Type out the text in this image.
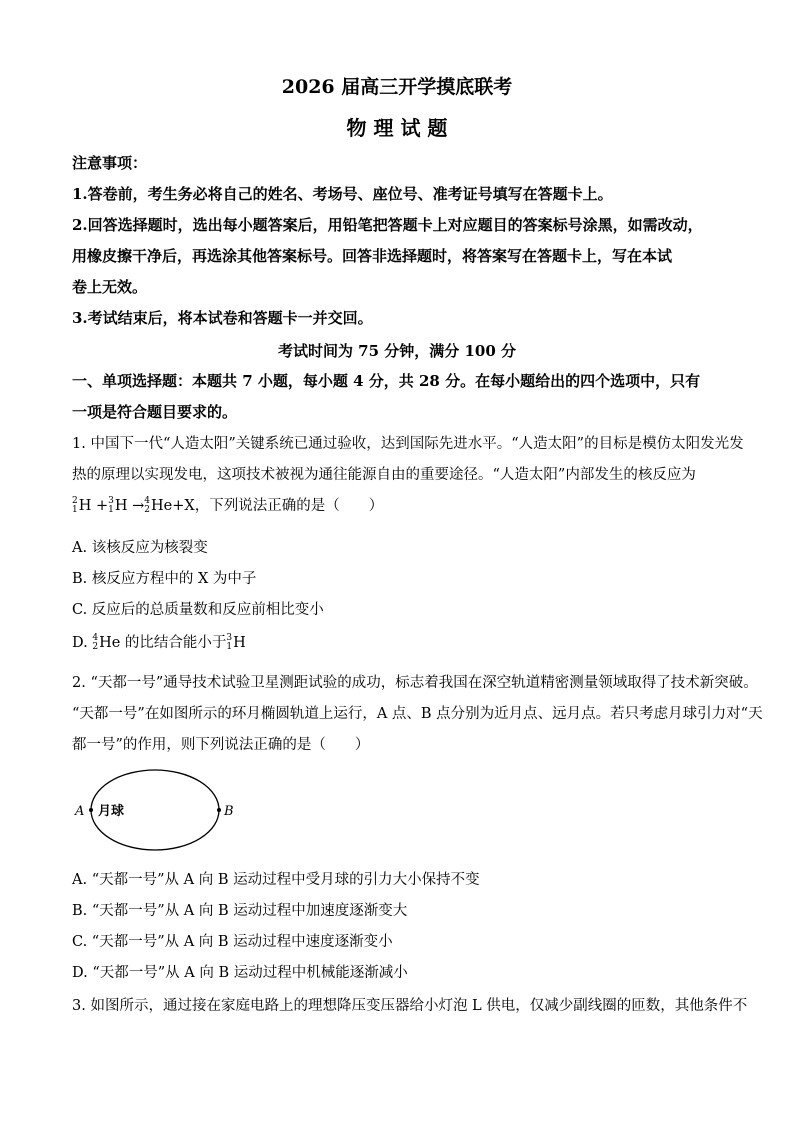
2026 届高三开学摸底联考
物 理 试 题
注意事项：
1.答卷前，考生务必将自己的姓名、考场号、座位号、准考证号填写在答题卡上。
2.回答选择题时，选出每小题答案后，用铅笔把答题卡上对应题目的答案标号涂黑，如需改动，
用橡皮擦干净后，再选涂其他答案标号。回答非选择题时，将答案写在答题卡上，写在本试
卷上无效。
3.考试结束后，将本试卷和答题卡一并交回。
考试时间为 75 分钟，满分 100 分
一、单项选择题：本题共 7 小题，每小题 4 分，共 28 分。在每小题给出的四个选项中，只有
一项是符合题目要求的。
1. 中国下一代“人造太阳”关键系统已通过验收，达到国际先进水平。“人造太阳”的目标是模仿太阳发光发
热的原理以实现发电，这项技术被视为通往能源自由的重要途径。“人造太阳”内部发生的核反应为
2
1 H + 3
1 H → 4
2 He+X，下列说法正确的是（　　）
A. 该核反应为核裂变
B. 核反应方程中的 X 为中子
C. 反应后的总质量数和反应前相比变小
D. 4
2 He 的比结合能小于 3
1 H
2. “天都一号”通导技术试验卫星测距试验的成功，标志着我国在深空轨道精密测量领域取得了技术新突破。
“天都一号”在如图所示的环月椭圆轨道上运行，A 点、B 点分别为近月点、远月点。若只考虑月球引力对“天
都一号”的作用，则下列说法正确的是（　　）
A	B
月球
A. “天都一号”从 A 向 B 运动过程中受月球的引力大小保持不变
B. “天都一号”从 A 向 B 运动过程中加速度逐渐变大
C. “天都一号”从 A 向 B 运动过程中速度逐渐变小
D. “天都一号”从 A 向 B 运动过程中机械能逐渐减小
3. 如图所示，通过接在家庭电路上的理想降压变压器给小灯泡 L 供电，仅减少副线圈的匝数，其他条件不
